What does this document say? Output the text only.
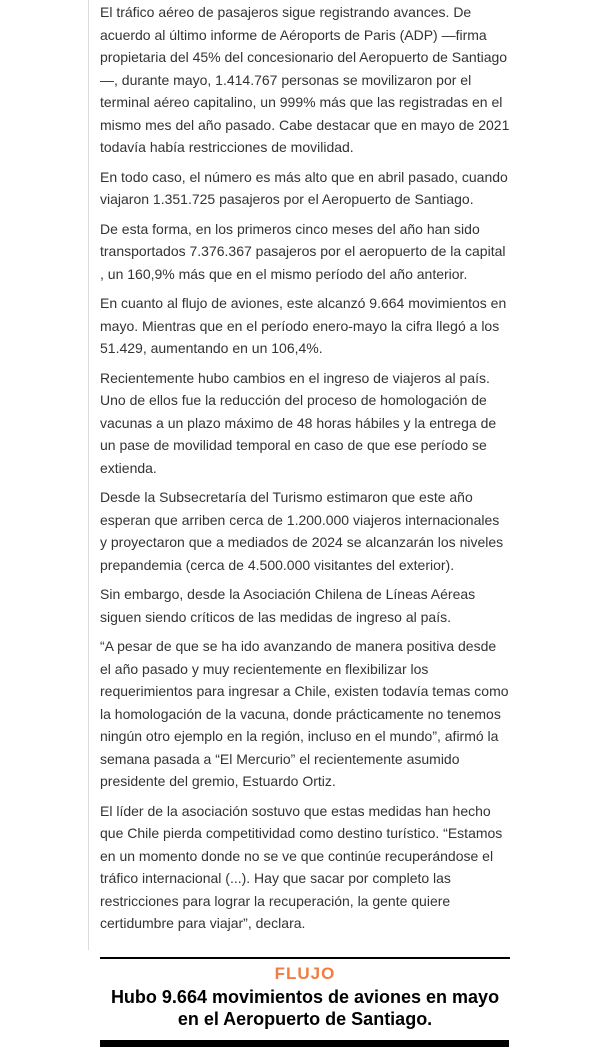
El tráfico aéreo de pasajeros sigue registrando avances. De acuerdo al último informe de Aéroports de Paris (ADP) —firma propietaria del 45% del concesionario del Aeropuerto de Santiago —, durante mayo, 1.414.767 personas se movilizaron por el terminal aéreo capitalino, un 999% más que las registradas en el mismo mes del año pasado. Cabe destacar que en mayo de 2021 todavía había restricciones de movilidad.

En todo caso, el número es más alto que en abril pasado, cuando viajaron 1.351.725 pasajeros por el Aeropuerto de Santiago.

De esta forma, en los primeros cinco meses del año han sido transportados 7.376.367 pasajeros por el aeropuerto de la capital , un 160,9% más que en el mismo período del año anterior.

En cuanto al flujo de aviones, este alcanzó 9.664 movimientos en mayo. Mientras que en el período enero-mayo la cifra llegó a los 51.429, aumentando en un 106,4%.

Recientemente hubo cambios en el ingreso de viajeros al país. Uno de ellos fue la reducción del proceso de homologación de vacunas a un plazo máximo de 48 horas hábiles y la entrega de un pase de movilidad temporal en caso de que ese período se extienda.

Desde la Subsecretaría del Turismo estimaron que este año esperan que arriben cerca de 1.200.000 viajeros internacionales y proyectaron que a mediados de 2024 se alcanzarán los niveles prepandemia (cerca de 4.500.000 visitantes del exterior).

Sin embargo, desde la Asociación Chilena de Líneas Aéreas siguen siendo críticos de las medidas de ingreso al país.

“A pesar de que se ha ido avanzando de manera positiva desde el año pasado y muy recientemente en flexibilizar los requerimientos para ingresar a Chile, existen todavía temas como la homologación de la vacuna, donde prácticamente no tenemos ningún otro ejemplo en la región, incluso en el mundo”, afirmó la semana pasada a “El Mercurio” el recientemente asumido presidente del gremio, Estuardo Ortiz.

El líder de la asociación sostuvo que estas medidas han hecho que Chile pierda competitividad como destino turístico. “Estamos en un momento donde no se ve que continúe recuperándose el tráfico internacional (...). Hay que sacar por completo las restricciones para lograr la recuperación, la gente quiere certidumbre para viajar”, declara.

FLUJO
Hubo 9.664 movimientos de aviones en mayo en el Aeropuerto de Santiago.
